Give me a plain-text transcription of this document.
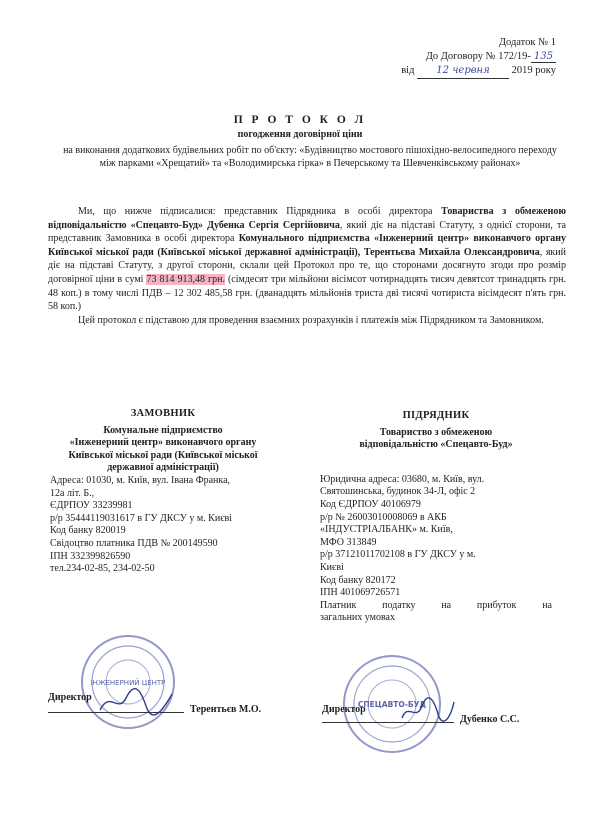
Додаток № 1
До Договору № 172/19- 135
від 12 червня 2019 року
П Р О Т О К О Л
погодження договірної ціни
на виконання додаткових будівельних робіт по об'єкту: «Будівництво мостового пішохідно-велосипедного переходу між парками «Хрещатий» та «Володимирська гірка» в Печерському та Шевченківському районах»

Ми, що нижче підписалися: представник Підрядника в особі директора Товариства з обмеженою відповідальністю «Спецавто-Буд» Дубенка Сергія Сергійовича, який діє на підставі Статуту, з однієї сторони, та представник Замовника в особі директора Комунального підприємства «Інженерний центр» виконавчого органу Київської міської ради (Київської міської державної адміністрації), Терентьєва Михайла Олександровича, який діє на підставі Статуту, з другої сторони, склали цей Протокол про те, що сторонами досягнуто згоди про розмір договірної ціни в сумі 73 814 913,48 грн. (сімдесят три мільйони вісімсот чотирнадцять тисяч девятсот тринадцять грн. 48 коп.) в тому числі ПДВ – 12 302 485,58 грн. (дванадцять мільйонів триста дві тисячі чотириста вісімдесят п'ять грн. 58 коп.)

Цей протокол є підставою для проведення взаємних розрахунків і платежів між Підрядником та Замовником.

ЗАМОВНИК
Комунальне підприємство
«Інженерний центр» виконавчого органу
Київської міської ради (Київської міської
державної адміністрації)
Адреса: 01030, м. Київ, вул. Івана Франка,
12а літ. Б.,
ЄДРПОУ 33239981
р/р 35444119031617 в ГУ ДКСУ у м. Києві
Код банку 820019
Свідоцтво платника ПДВ № 200149590
ІПН 332399826590
тел.234-02-85, 234-02-50
ПІДРЯДНИК
Товариство з обмеженою
відповідальністю «Спецавто-Буд»
Юридична адреса: 03680, м. Київ, вул.
Святошинська, будинок 34-Л, офіс 2
Код ЄДРПОУ 40106979
р/р № 26003010008069 в АКБ
«ІНДУСТРІАЛБАНК» м. Київ,
МФО 313849
р/р 37121011702108 в ГУ ДКСУ у м.
Києві
Код банку 820172
ІПН 401069726571
Платник податку на прибуток на
загальних умовах
ІНЖЕНЕРНИЙ ЦЕНТР
СПЕЦАВТО-БУД
Директор
Терентьєв М.О.	Директор
Дубенко С.С.
